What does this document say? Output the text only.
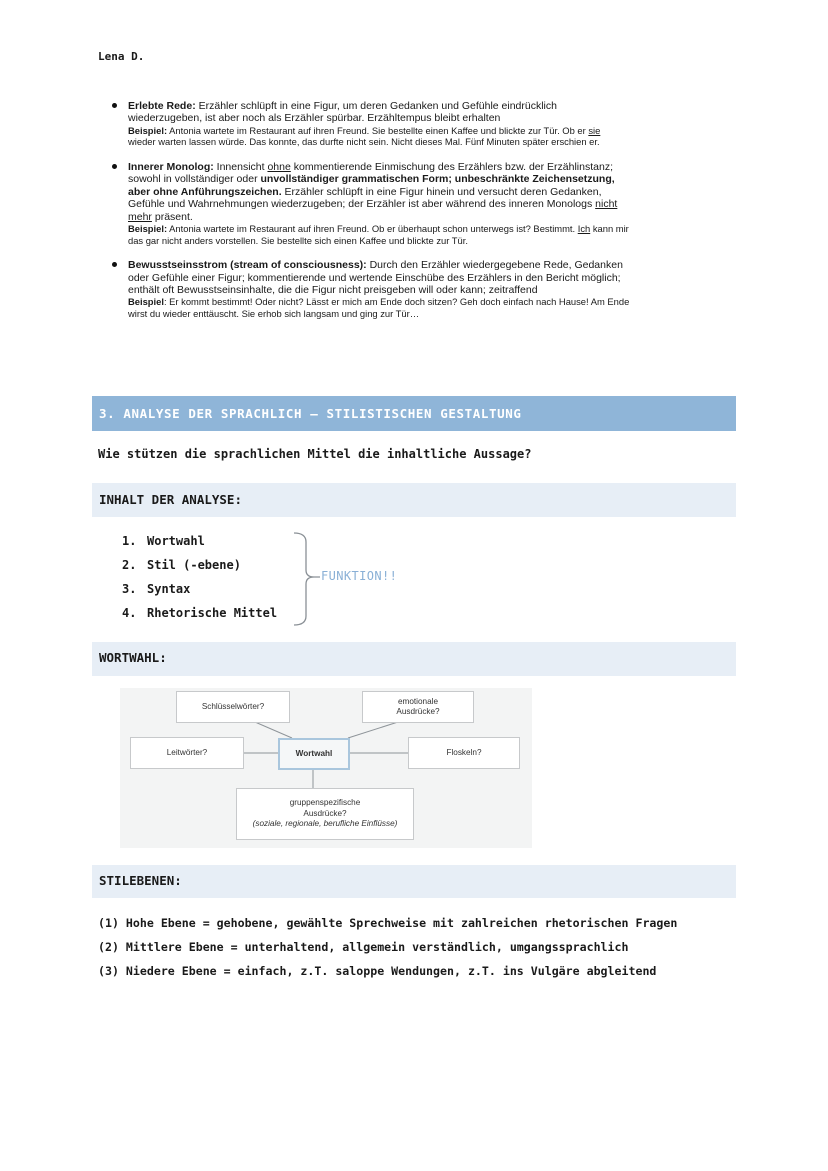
Lena D.

Erlebte Rede: Erzähler schlüpft in eine Figur, um deren Gedanken und Gefühle eindrücklich wiederzugeben, ist aber noch als Erzähler spürbar. Erzähltempus bleibt erhalten

Beispiel: Antonia wartete im Restaurant auf ihren Freund. Sie bestellte einen Kaffee und blickte zur Tür. Ob er sie wieder warten lassen würde. Das konnte, das durfte nicht sein. Nicht dieses Mal. Fünf Minuten später erschien er.

Innerer Monolog: Innensicht ohne kommentierende Einmischung des Erzählers bzw. der Erzählinstanz; sowohl in vollständiger oder unvollständiger grammatischen Form; unbeschränkte Zeichensetzung, aber ohne Anführungszeichen. Erzähler schlüpft in eine Figur hinein und versucht deren Gedanken, Gefühle und Wahrnehmungen wiederzugeben; der Erzähler ist aber während des inneren Monologs nicht mehr präsent.

Beispiel: Antonia wartete im Restaurant auf ihren Freund. Ob er überhaupt schon unterwegs ist? Bestimmt. Ich kann mir das gar nicht anders vorstellen. Sie bestellte sich einen Kaffee und blickte zur Tür.

Bewusstseinsstrom (stream of consciousness): Durch den Erzähler wiedergegebene Rede, Gedanken oder Gefühle einer Figur; kommentierende und wertende Einschübe des Erzählers in den Bericht möglich; enthält oft Bewusstseinsinhalte, die die Figur nicht preisgeben will oder kann; zeitraffend

Beispiel: Er kommt bestimmt! Oder nicht? Lässt er mich am Ende doch sitzen? Geh doch einfach nach Hause! Am Ende wirst du wieder enttäuscht. Sie erhob sich langsam und ging zur Tür…

3. ANALYSE DER SPRACHLICH – STILISTISCHEN GESTALTUNG
Wie stützen die sprachlichen Mittel die inhaltliche Aussage?
INHALT DER ANALYSE:
1. Wortwahl
2. Stil (-ebene)
3. Syntax
4. Rhetorische Mittel
FUNKTION!!
WORTWAHL:
Schlüsselwörter?
emotionale
Ausdrücke?
Leitwörter?	Wortwahl	Floskeln?
gruppenspezifische
Ausdrücke?
(soziale, regionale, berufliche Einflüsse)
STILEBENEN:
(1) Hohe Ebene = gehobene, gewählte Sprechweise mit zahlreichen rhetorischen Fragen
(2) Mittlere Ebene = unterhaltend, allgemein verständlich, umgangssprachlich
(3) Niedere Ebene = einfach, z.T. saloppe Wendungen, z.T. ins Vulgäre abgleitend
